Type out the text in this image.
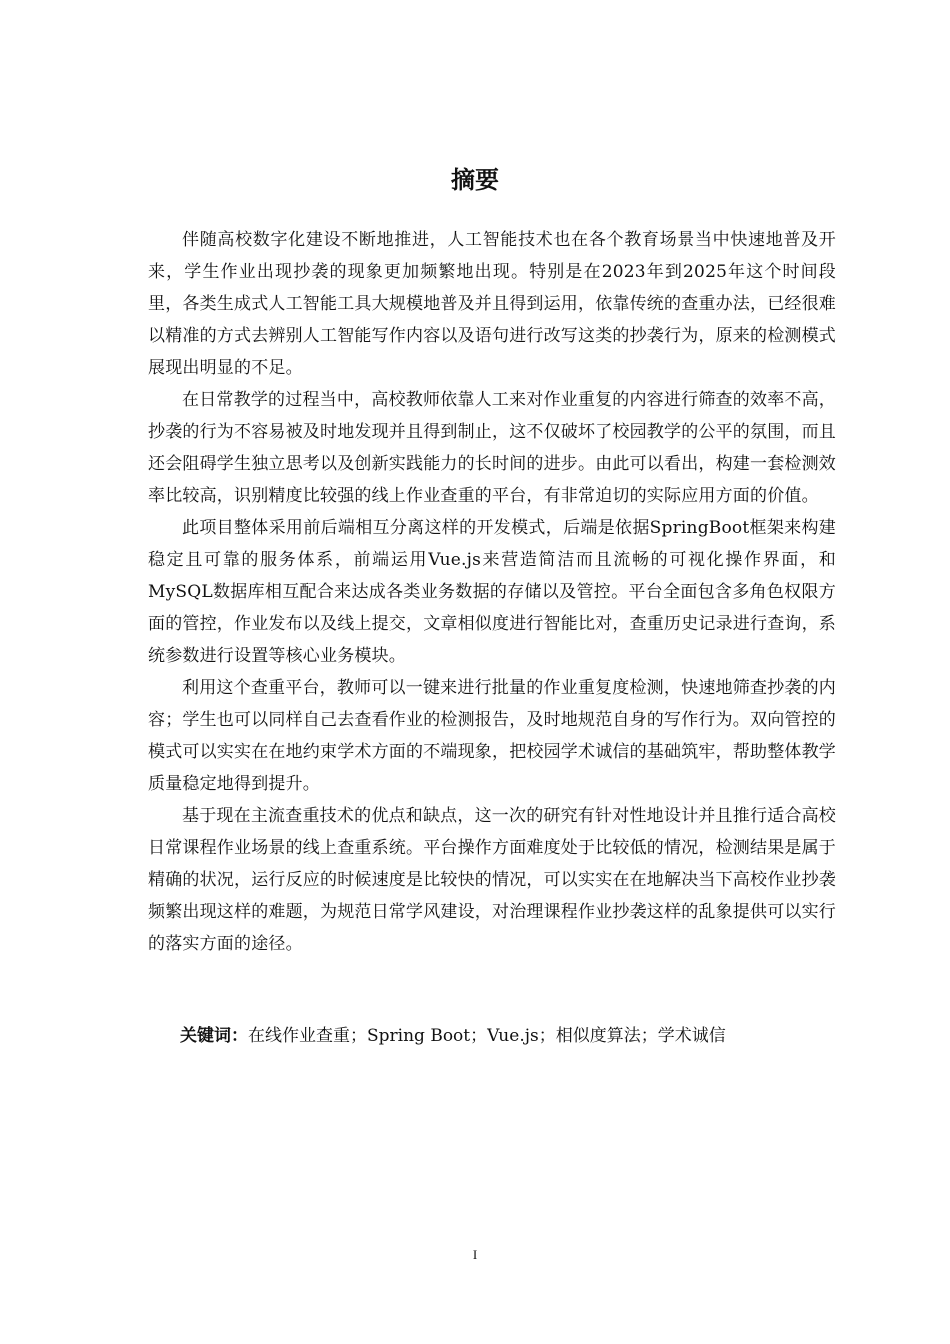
摘要

伴随高校数字化建设不断地推进，人工智能技术也在各个教育场景当中快速地普及开来，学生作业出现抄袭的现象更加频繁地出现。特别是在2023年到2025年这个时间段里，各类生成式人工智能工具大规模地普及并且得到运用，依靠传统的查重办法，已经很难以精准的方式去辨别人工智能写作内容以及语句进行改写这类的抄袭行为，原来的检测模式展现出明显的不足。

在日常教学的过程当中，高校教师依靠人工来对作业重复的内容进行筛查的效率不高，抄袭的行为不容易被及时地发现并且得到制止，这不仅破坏了校园教学的公平的氛围，而且还会阻碍学生独立思考以及创新实践能力的长时间的进步。由此可以看出，构建一套检测效率比较高，识别精度比较强的线上作业查重的平台，有非常迫切的实际应用方面的价值。

此项目整体采用前后端相互分离这样的开发模式，后端是依据SpringBoot框架来构建稳定且可靠的服务体系，前端运用Vue.js来营造简洁而且流畅的可视化操作界面，和MySQL数据库相互配合来达成各类业务数据的存储以及管控。平台全面包含多角色权限方面的管控，作业发布以及线上提交，文章相似度进行智能比对，查重历史记录进行查询，系统参数进行设置等核心业务模块。

利用这个查重平台，教师可以一键来进行批量的作业重复度检测，快速地筛查抄袭的内容；学生也可以同样自己去查看作业的检测报告，及时地规范自身的写作行为。双向管控的模式可以实实在在地约束学术方面的不端现象，把校园学术诚信的基础筑牢，帮助整体教学质量稳定地得到提升。

基于现在主流查重技术的优点和缺点，这一次的研究有针对性地设计并且推行适合高校日常课程作业场景的线上查重系统。平台操作方面难度处于比较低的情况，检测结果是属于精确的状况，运行反应的时候速度是比较快的情况，可以实实在在地解决当下高校作业抄袭频繁出现这样的难题，为规范日常学风建设，对治理课程作业抄袭这样的乱象提供可以实行的落实方面的途径。

关键词：在线作业查重；Spring Boot；Vue.js；相似度算法；学术诚信

I
